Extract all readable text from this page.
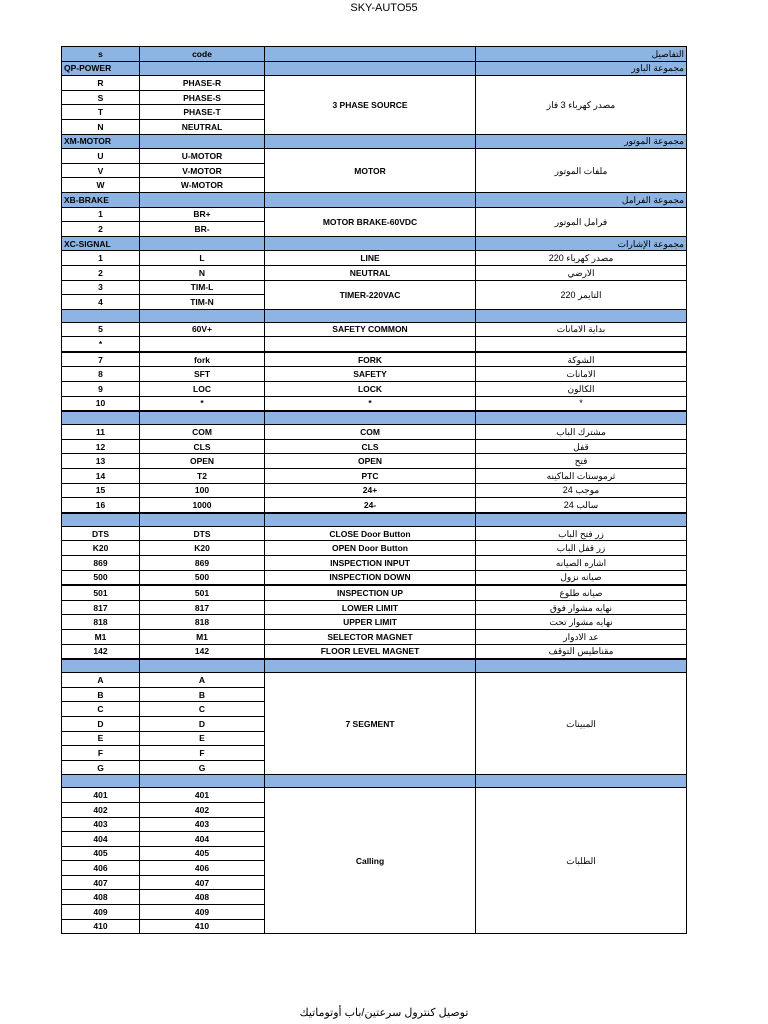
SKY-AUTO55
s	code		التفاصيل
QP-POWER			مجموعة الباور
R	PHASE-R	3 PHASE SOURCE	مصدر كهرباء 3 فاز
S	PHASE-S		
T	PHASE-T		
N	NEUTRAL		
XM-MOTOR			مجموعة الموتور
U	U-MOTOR	MOTOR	ملفات الموتور
V	V-MOTOR		
W	W-MOTOR		
XB-BRAKE			مجموعة الفرامل
1	BR+	MOTOR BRAKE-60VDC	فرامل الموتور
2	BR-		
XC-SIGNAL			مجموعة الإشارات
1	L	LINE	مصدر كهرباء 220
2	N	NEUTRAL	الارضي
3	TIM-L	TIMER-220VAC	التايمر 220
4	TIM-N		

5	60V+	SAFETY COMMON	بداية الامانات
*			
7	fork	FORK	الشوكة
8	SFT	SAFETY	الامانات
9	LOC	LOCK	الكالون
10	*	*	*

11	COM	COM	مشترك الباب
12	CLS	CLS	قفل
13	OPEN	OPEN	فتح
14	T2	PTC	ثرموستات الماكينه
15	100	24+	موجب 24
16	1000	24-	سالب 24

DTS	DTS	CLOSE Door Button	زر فتح الباب
K20	K20	OPEN Door Button	زر قفل الباب
869	869	INSPECTION INPUT	اشاره الصيانه
500	500	INSPECTION DOWN	صيانه نزول
501	501	INSPECTION UP	صيانه طلوع
817	817	LOWER LIMIT	نهايه مشوار فوق
818	818	UPPER LIMIT	نهايه مشوار تحت
M1	M1	SELECTOR MAGNET	عد الادوار
142	142	FLOOR LEVEL MAGNET	مقناطيس التوقف

A	A	7 SEGMENT	المبينات
B	B		
C	C		
D	D		
E	E		
F	F		
G	G		

401	401	Calling	الطلبات
402	402		
403	403		
404	404		
405	405		
406	406		
407	407		
408	408		
409	409		
410	410		
توصيل كنترول سرعتين/باب أوتوماتيك
